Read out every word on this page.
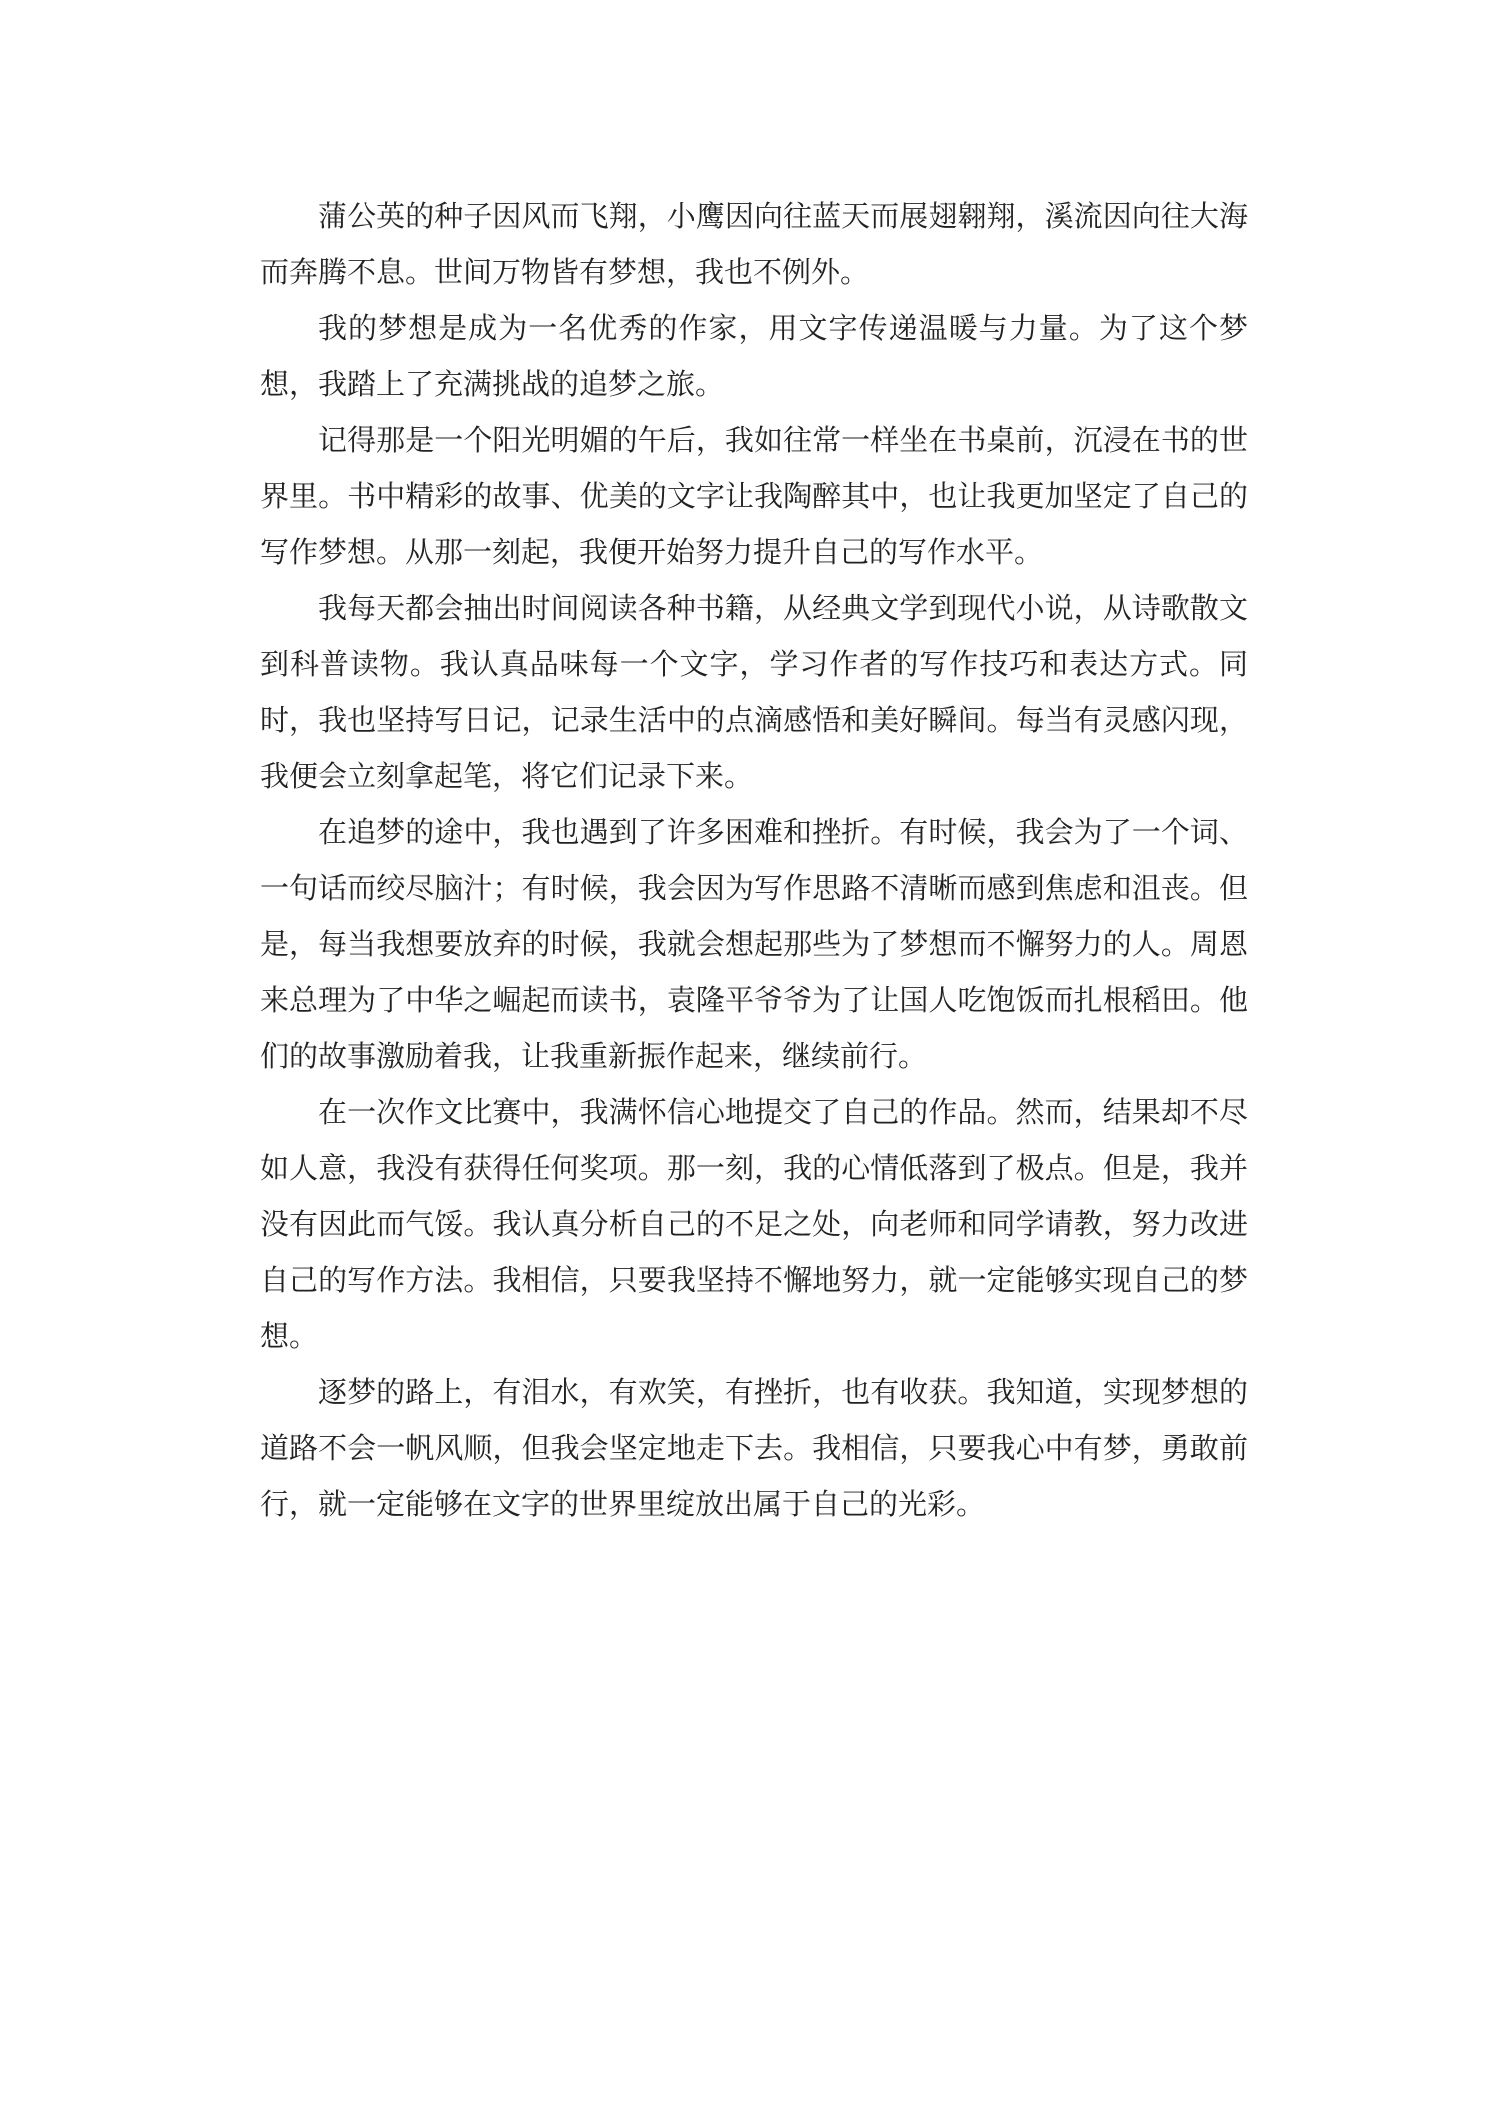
蒲公英的种子因风而飞翔，小鹰因向往蓝天而展翅翱翔，溪流因向往大海而奔腾不息。世间万物皆有梦想，我也不例外。

我的梦想是成为一名优秀的作家，用文字传递温暖与力量。为了这个梦想，我踏上了充满挑战的追梦之旅。

记得那是一个阳光明媚的午后，我如往常一样坐在书桌前，沉浸在书的世界里。书中精彩的故事、优美的文字让我陶醉其中，也让我更加坚定了自己的写作梦想。从那一刻起，我便开始努力提升自己的写作水平。

我每天都会抽出时间阅读各种书籍，从经典文学到现代小说，从诗歌散文到科普读物。我认真品味每一个文字，学习作者的写作技巧和表达方式。同时，我也坚持写日记，记录生活中的点滴感悟和美好瞬间。每当有灵感闪现，我便会立刻拿起笔，将它们记录下来。

在追梦的途中，我也遇到了许多困难和挫折。有时候，我会为了一个词、一句话而绞尽脑汁；有时候，我会因为写作思路不清晰而感到焦虑和沮丧。但是，每当我想要放弃的时候，我就会想起那些为了梦想而不懈努力的人。周恩来总理为了中华之崛起而读书，袁隆平爷爷为了让国人吃饱饭而扎根稻田。他们的故事激励着我，让我重新振作起来，继续前行。

在一次作文比赛中，我满怀信心地提交了自己的作品。然而，结果却不尽如人意，我没有获得任何奖项。那一刻，我的心情低落到了极点。但是，我并没有因此而气馁。我认真分析自己的不足之处，向老师和同学请教，努力改进自己的写作方法。我相信，只要我坚持不懈地努力，就一定能够实现自己的梦想。

逐梦的路上，有泪水，有欢笑，有挫折，也有收获。我知道，实现梦想的道路不会一帆风顺，但我会坚定地走下去。我相信，只要我心中有梦，勇敢前行，就一定能够在文字的世界里绽放出属于自己的光彩。
